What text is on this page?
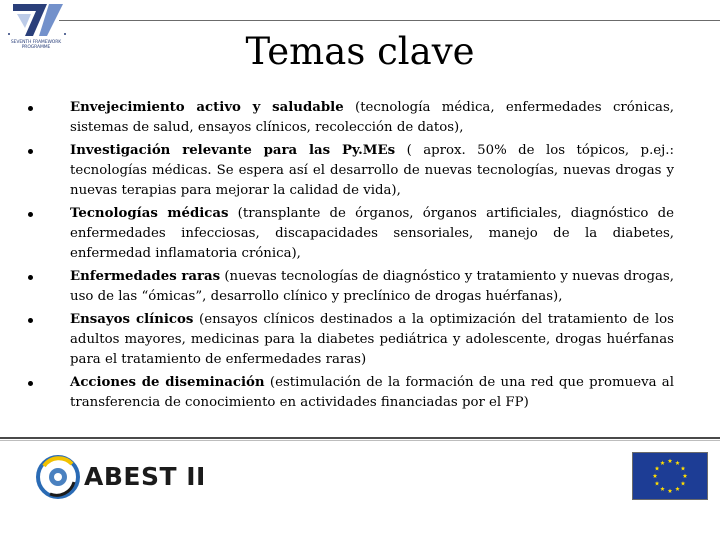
SEVENTH FRAMEWORK
PROGRAMME	Temas clave
Envejecimiento activo y saludable (tecnología médica, enfermedades crónicas, sistemas de salud, ensayos clínicos, recolección de datos),
Investigación relevante para las Py.MEs ( aprox. 50% de los tópicos, p.ej.: tecnologías médicas. Se espera así el desarrollo de nuevas tecnologías, nuevas drogas y nuevas terapias para mejorar la calidad de vida),
Tecnologías médicas (transplante de órganos, órganos artificiales, diagnóstico de enfermedades infecciosas, discapacidades sensoriales, manejo de la diabetes, enfermedad inflamatoria crónica),
Enfermedades raras (nuevas tecnologías de diagnóstico y tratamiento y nuevas drogas, uso de las “ómicas”, desarrollo clínico y preclínico de drogas huérfanas),
Ensayos clínicos (ensayos clínicos destinados a la optimización del tratamiento de los adultos mayores, medicinas para la diabetes pediátrica y adolescente, drogas huérfanas para el tratamiento de enfermedades raras)
Acciones de diseminación (estimulación de la formación de una red que promueva al transferencia de conocimiento en actividades financiadas por el FP)
ABEST II
